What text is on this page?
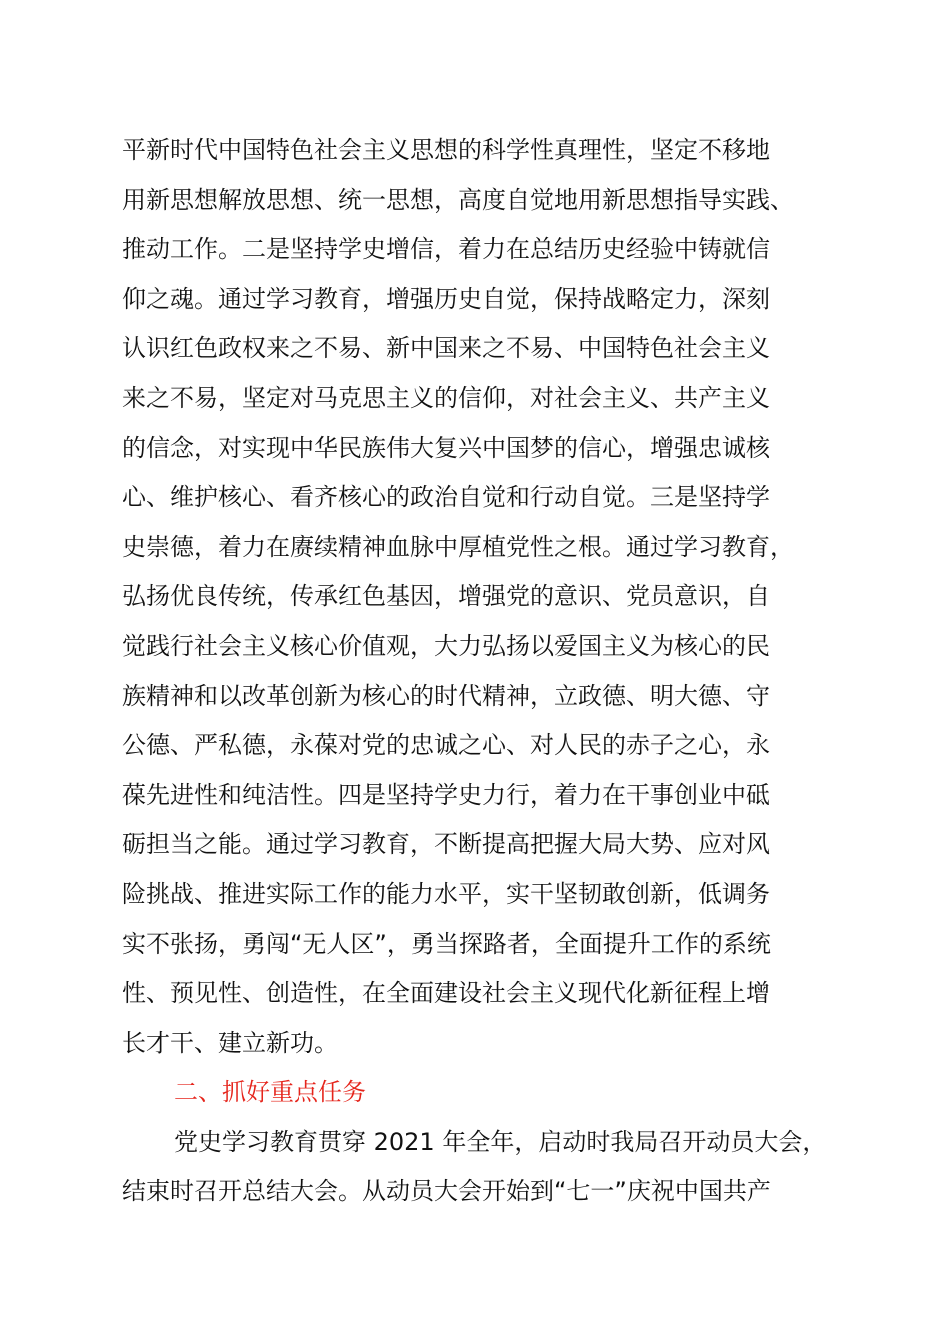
平新时代中国特色社会主义思想的科学性真理性，坚定不移地
用新思想解放思想、统一思想，高度自觉地用新思想指导实践、
推动工作。二是坚持学史增信，着力在总结历史经验中铸就信
仰之魂。通过学习教育，增强历史自觉，保持战略定力，深刻
认识红色政权来之不易、新中国来之不易、中国特色社会主义
来之不易，坚定对马克思主义的信仰，对社会主义、共产主义
的信念，对实现中华民族伟大复兴中国梦的信心，增强忠诚核
心、维护核心、看齐核心的政治自觉和行动自觉。三是坚持学
史崇德，着力在赓续精神血脉中厚植党性之根。通过学习教育，
弘扬优良传统，传承红色基因，增强党的意识、党员意识，自
觉践行社会主义核心价值观，大力弘扬以爱国主义为核心的民
族精神和以改革创新为核心的时代精神，立政德、明大德、守
公德、严私德，永葆对党的忠诚之心、对人民的赤子之心，永
葆先进性和纯洁性。四是坚持学史力行，着力在干事创业中砥
砺担当之能。通过学习教育，不断提高把握大局大势、应对风
险挑战、推进实际工作的能力水平，实干坚韧敢创新，低调务
实不张扬，勇闯“无人区”，勇当探路者，全面提升工作的系统
性、预见性、创造性，在全面建设社会主义现代化新征程上增
长才干、建立新功。
二、抓好重点任务
党史学习教育贯穿 2021 年全年，启动时我局召开动员大会，
结束时召开总结大会。从动员大会开始到“七一”庆祝中国共产
